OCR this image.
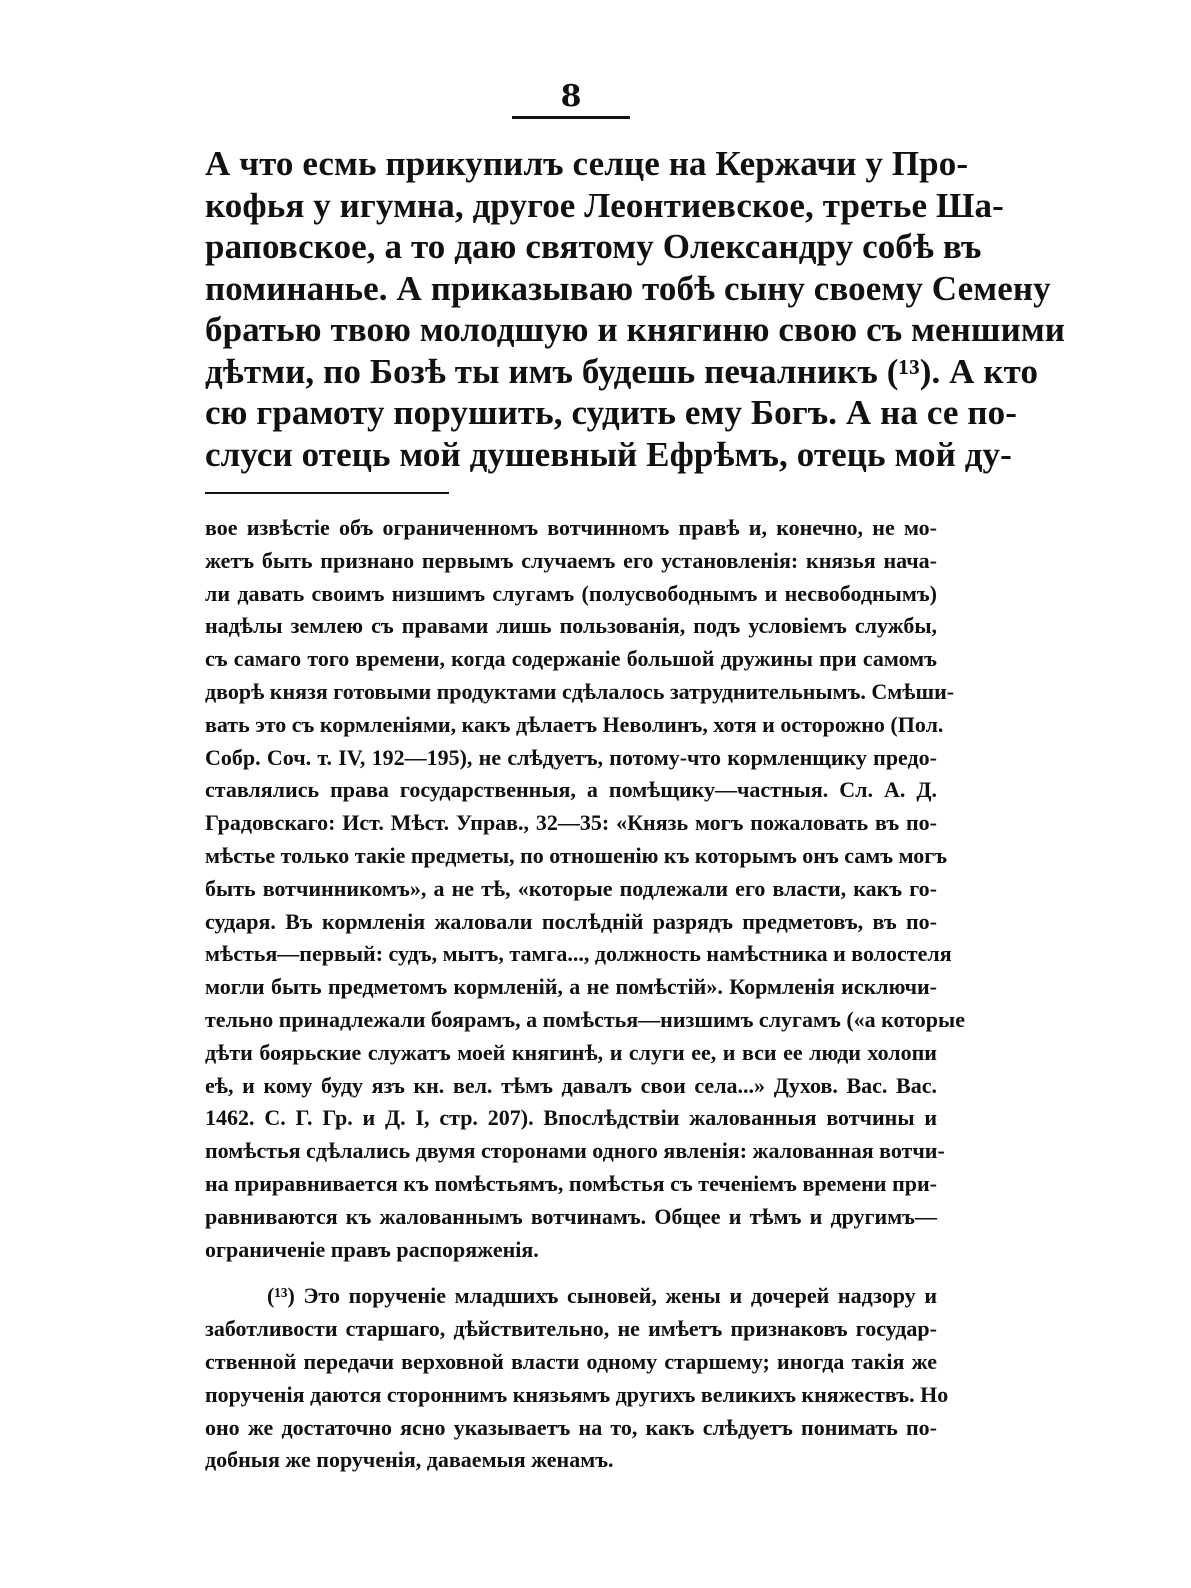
8
А что есмь прикупилъ селце на Кержачи у Про-
кофья у игумна, другое Леонтиевское, третье Ша-
раповское, а то даю святому Олександру собѣ въ
поминанье. А приказываю тобѣ сыну своему Семену
братью твою молодшую и княгиню свою съ меншими
дѣтми, по Бозѣ ты имъ будешь печалникъ (¹³). А кто
сю грамоту порушить, судить ему Богъ. А на се по-
слуси отець мой душевный Ефрѣмъ, отець мой ду-
вое извѣстіе объ ограниченномъ вотчинномъ правѣ и, конечно, не мо-
жетъ быть признано первымъ случаемъ его установленія: князья нача-
ли давать своимъ низшимъ слугамъ (полусвободнымъ и несвободнымъ)
надѣлы землею съ правами лишь пользованія, подъ условіемъ службы,
съ самаго того времени, когда содержаніе большой дружины при самомъ
дворѣ князя готовыми продуктами сдѣлалось затруднительнымъ. Смѣши-
вать это съ кормленіями, какъ дѣлаетъ Неволинъ, хотя и осторожно (Пол.
Собр. Соч. т. IV, 192—195), не слѣдуетъ, потому-что кормленщику предо-
ставлялись права государственныя, а помѣщику—частныя. Сл. А. Д.
Градовскаго: Ист. Мѣст. Управ., 32—35: «Князь могъ пожаловать въ по-
мѣстье только такіе предметы, по отношенію къ которымъ онъ самъ могъ
быть вотчинникомъ», а не тѣ, «которые подлежали его власти, какъ го-
сударя. Въ кормленія жаловали послѣдній разрядъ предметовъ, въ по-
мѣстья—первый: судъ, мытъ, тамга..., должность намѣстника и волостеля
могли быть предметомъ кормленій, а не помѣстій». Кормленія исключи-
тельно принадлежали боярамъ, а помѣстья—низшимъ слугамъ («а которые
дѣти боярьские служатъ моей княгинѣ, и слуги ее, и вси ее люди холопи
еѣ, и кому буду язъ кн. вел. тѣмъ давалъ свои села...» Духов. Вас. Вас.
1462. С. Г. Гр. и Д. I, стр. 207). Впослѣдствіи жалованныя вотчины и
помѣстья сдѣлались двумя сторонами одного явленія: жалованная вотчи-
на приравнивается къ помѣстьямъ, помѣстья съ теченіемъ времени при-
равниваются къ жалованнымъ вотчинамъ. Общее и тѣмъ и другимъ—
ограниченіе правъ распоряженія.
(¹³) Это порученіе младшихъ сыновей, жены и дочерей надзору и
заботливости старшаго, дѣйствительно, не имѣетъ признаковъ государ-
ственной передачи верховной власти одному старшему; иногда такія же
порученія даются стороннимъ князьямъ другихъ великихъ княжествъ. Но
оно же достаточно ясно указываетъ на то, какъ слѣдуетъ понимать по-
добныя же порученія, даваемыя женамъ.
